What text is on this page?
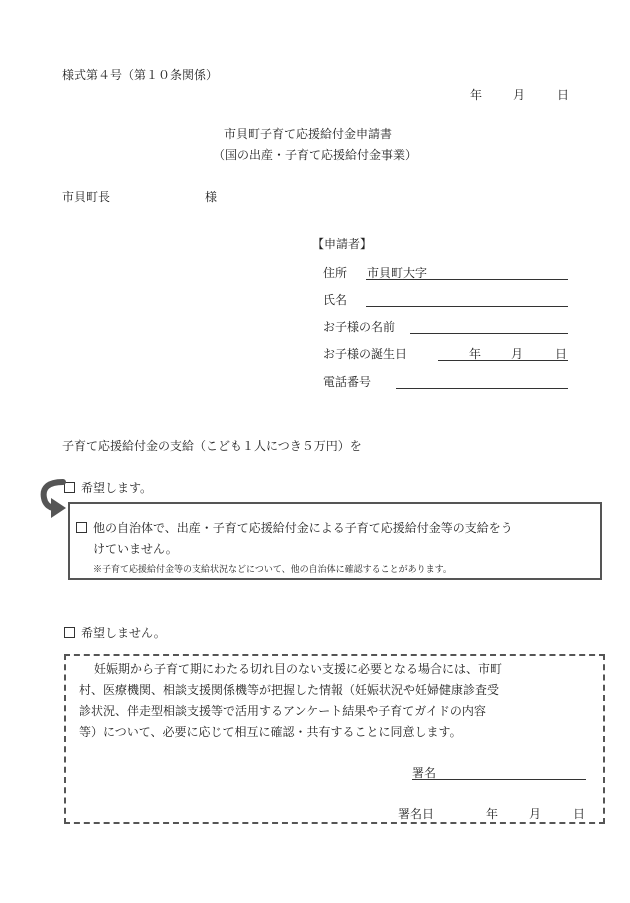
様式第４号（第１０条関係）
年	月	日
市貝町子育て応援給付金申請書
（国の出産・子育て応援給付金事業）
市貝町長	様
【申請者】
住所 市貝町大字
氏名
お子様の名前
お子様の誕生日	年 月	日
電話番号
子育て応援給付金の支給（こども１人につき５万円）を
希望します。
他の自治体で、出産・子育て応援給付金による子育て応援給付金等の支給をう
けていません。
※子育て応援給付金等の支給状況などについて、他の自治体に確認することがあります。
希望しません。
妊娠期から子育て期にわたる切れ目のない支援に必要となる場合には、市町
村、医療機関、相談支援関係機等が把握した情報（妊娠状況や妊婦健康診査受
診状況、伴走型相談支援等で活用するアンケート結果や子育てガイドの内容
等）について、必要に応じて相互に確認・共有することに同意します。
署名
署名日	年	月	日
